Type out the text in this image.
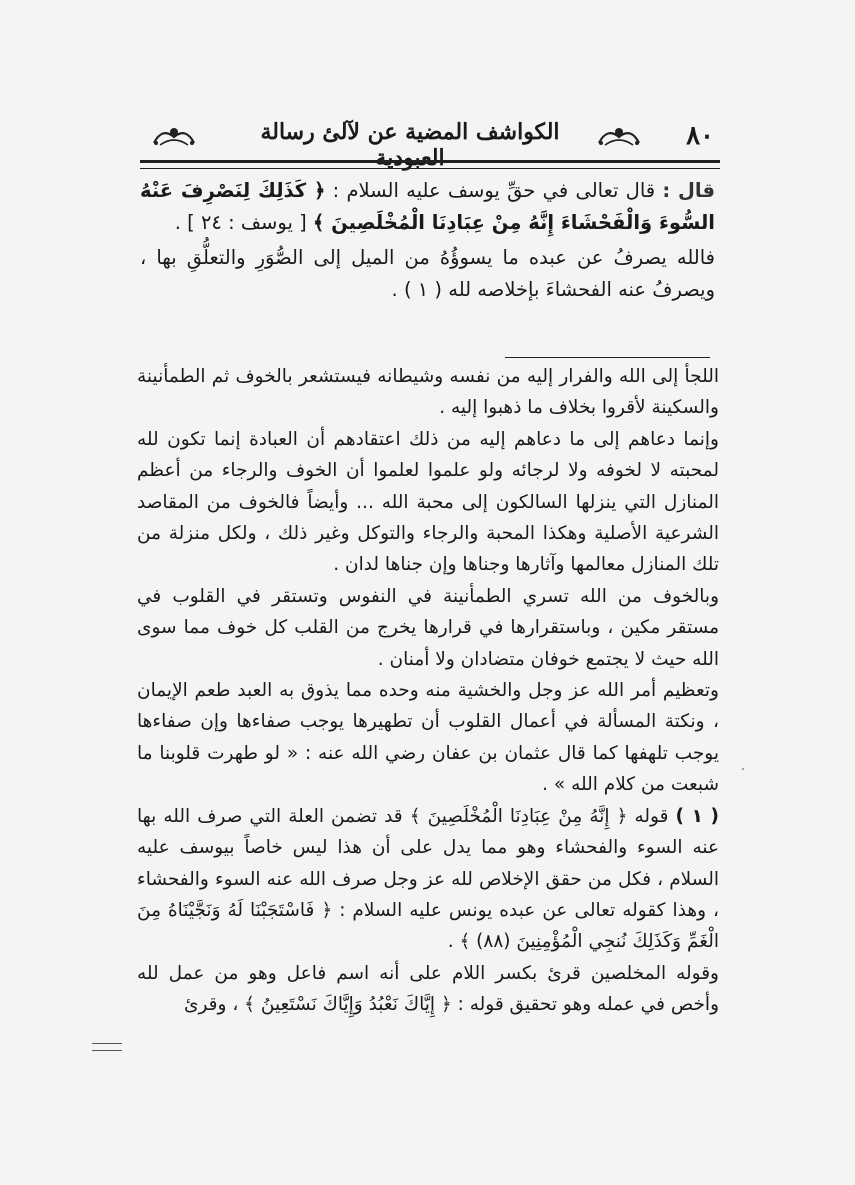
٨٠
الكواشف المضية عن لآلئ رسالة العبودية

قال : قال تعالى في حقِّ يوسف عليه السلام : ﴿ كَذَلِكَ لِنَصْرِفَ عَنْهُ السُّوءَ وَالْفَحْشَاءَ إِنَّهُ مِنْ عِبَادِنَا الْمُخْلَصِينَ ﴾ [ يوسف : ٢٤ ] .

فالله يصرفُ عن عبده ما يسوؤُهُ من الميل إلى الصُّوَرِ والتعلُّقِ بها ، ويصرفُ عنه الفحشاءَ بإخلاصه لله ( ١ ) .

اللجأ إلى الله والفرار إليه من نفسه وشيطانه فيستشعر بالخوف ثم الطمأنينة والسكينة لأقروا بخلاف ما ذهبوا إليه .

وإنما دعاهم إلى ما دعاهم إليه من ذلك اعتقادهم أن العبادة إنما تكون لله لمحبته لا لخوفه ولا لرجائه ولو علموا لعلموا أن الخوف والرجاء من أعظم المنازل التي ينزلها السالكون إلى محبة الله ... وأيضاً فالخوف من المقاصد الشرعية الأصلية وهكذا المحبة والرجاء والتوكل وغير ذلك ، ولكل منزلة من تلك المنازل معالمها وآثارها وجناها وإن جناها لدان .

وبالخوف من الله تسري الطمأنينة في النفوس وتستقر في القلوب في مستقر مكين ، وباستقرارها في قرارها يخرج من القلب كل خوف مما سوى الله حيث لا يجتمع خوفان متضادان ولا أمنان .

وتعظيم أمر الله عز وجل والخشية منه وحده مما يذوق به العبد طعم الإيمان ، ونكتة المسألة في أعمال القلوب أن تطهيرها يوجب صفاءها وإن صفاءها يوجب تلهفها كما قال عثمان بن عفان رضي الله عنه : « لو طهرت قلوبنا ما شبعت من كلام الله » .

( ١ ) قوله ﴿ إِنَّهُ مِنْ عِبَادِنَا الْمُخْلَصِينَ ﴾ قد تضمن العلة التي صرف الله بها عنه السوء والفحشاء وهو مما يدل على أن هذا ليس خاصاً بيوسف عليه السلام ، فكل من حقق الإخلاص لله عز وجل صرف الله عنه السوء والفحشاء ، وهذا كقوله تعالى عن عبده يونس عليه السلام : ﴿ فَاسْتَجَبْنَا لَهُ وَنَجَّيْنَاهُ مِنَ الْغَمِّ وَكَذَلِكَ نُنجِي الْمُؤْمِنِينَ (٨٨) ﴾ .

وقوله المخلصين قرئ بكسر اللام على أنه اسم فاعل وهو من عمل لله وأخص في عمله وهو تحقيق قوله : ﴿ إِيَّاكَ نَعْبُدُ وَإِيَّاكَ نَسْتَعِينُ ﴾ ، وقرئ
